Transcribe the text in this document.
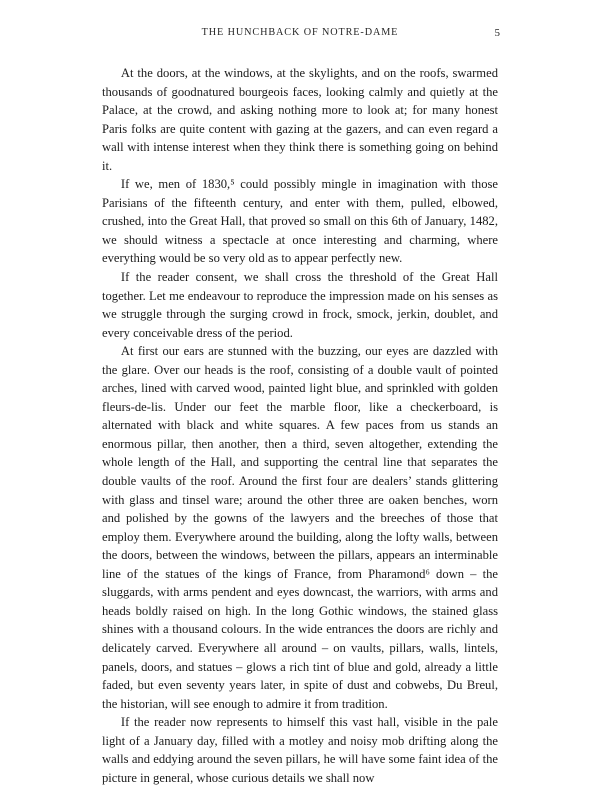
THE HUNCHBACK OF NOTRE-DAME	5

At the doors, at the windows, at the skylights, and on the roofs, swarmed thousands of goodnatured bourgeois faces, looking calmly and quietly at the Palace, at the crowd, and asking nothing more to look at; for many honest Paris folks are quite content with gazing at the gazers, and can even regard a wall with intense interest when they think there is something going on behind it.

If we, men of 1830,⁵ could possibly mingle in imagination with those Parisians of the fifteenth century, and enter with them, pulled, elbowed, crushed, into the Great Hall, that proved so small on this 6th of January, 1482, we should witness a spectacle at once interesting and charming, where everything would be so very old as to appear perfectly new.

If the reader consent, we shall cross the threshold of the Great Hall together. Let me endeavour to reproduce the impression made on his senses as we struggle through the surging crowd in frock, smock, jerkin, doublet, and every conceivable dress of the period.

At first our ears are stunned with the buzzing, our eyes are dazzled with the glare. Over our heads is the roof, consisting of a double vault of pointed arches, lined with carved wood, painted light blue, and sprinkled with golden fleurs-de-lis. Under our feet the marble floor, like a checkerboard, is alternated with black and white squares. A few paces from us stands an enormous pillar, then another, then a third, seven altogether, extending the whole length of the Hall, and supporting the central line that separates the double vaults of the roof. Around the first four are dealers’ stands glittering with glass and tinsel ware; around the other three are oaken benches, worn and polished by the gowns of the lawyers and the breeches of those that employ them. Everywhere around the building, along the lofty walls, between the doors, between the windows, between the pillars, appears an interminable line of the statues of the kings of France, from Pharamond⁶ down – the sluggards, with arms pendent and eyes downcast, the warriors, with arms and heads boldly raised on high. In the long Gothic windows, the stained glass shines with a thousand colours. In the wide entrances the doors are richly and delicately carved. Everywhere all around – on vaults, pillars, walls, lintels, panels, doors, and statues – glows a rich tint of blue and gold, already a little faded, but even seventy years later, in spite of dust and cobwebs, Du Breul, the historian, will see enough to admire it from tradition.

If the reader now represents to himself this vast hall, visible in the pale light of a January day, filled with a motley and noisy mob drifting along the walls and eddying around the seven pillars, he will have some faint idea of the picture in general, whose curious details we shall now
